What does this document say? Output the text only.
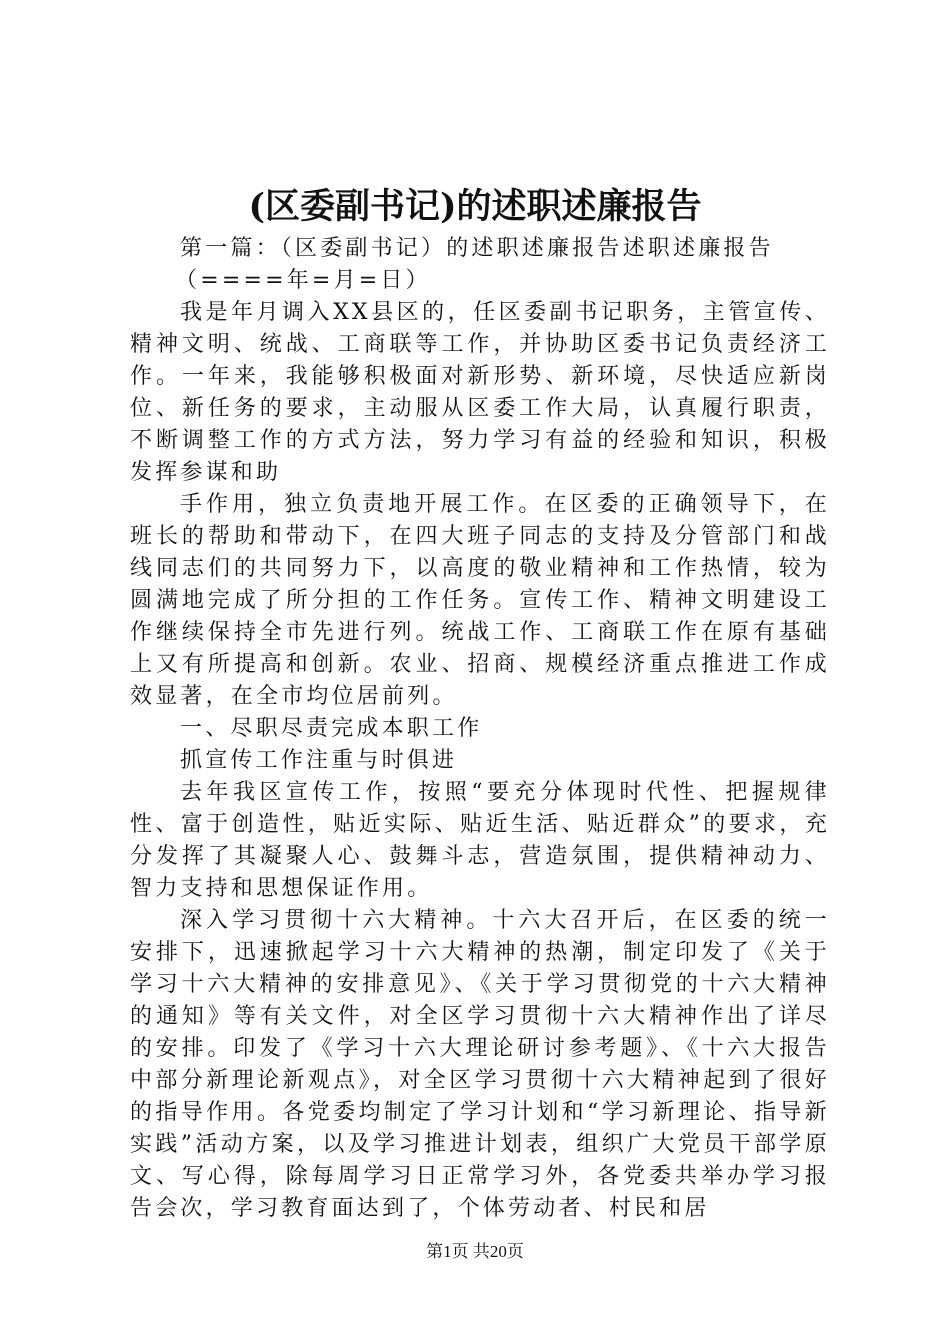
(区委副书记)的述职述廉报告

第一篇：（区委副书记）的述职述廉报告述职述廉报告

（====年=月=日）

我是年月调入XX县区的，任区委副书记职务，主管宣传、精神文明、统战、工商联等工作，并协助区委书记负责经济工作。一年来，我能够积极面对新形势、新环境，尽快适应新岗位、新任务的要求，主动服从区委工作大局，认真履行职责，不断调整工作的方式方法，努力学习有益的经验和知识，积极发挥参谋和助

手作用，独立负责地开展工作。在区委的正确领导下，在班长的帮助和带动下，在四大班子同志的支持及分管部门和战线同志们的共同努力下，以高度的敬业精神和工作热情，较为圆满地完成了所分担的工作任务。宣传工作、精神文明建设工作继续保持全市先进行列。统战工作、工商联工作在原有基础上又有所提高和创新。农业、招商、规模经济重点推进工作成效显著，在全市均位居前列。

一、尽职尽责完成本职工作

抓宣传工作注重与时俱进

去年我区宣传工作，按照“要充分体现时代性、把握规律性、富于创造性，贴近实际、贴近生活、贴近群众”的要求，充分发挥了其凝聚人心、鼓舞斗志，营造氛围，提供精神动力、智力支持和思想保证作用。

深入学习贯彻十六大精神。十六大召开后，在区委的统一安排下，迅速掀起学习十六大精神的热潮，制定印发了《关于学习十六大精神的安排意见》、《关于学习贯彻党的十六大精神的通知》等有关文件，对全区学习贯彻十六大精神作出了详尽的安排。印发了《学习十六大理论研讨参考题》、《十六大报告中部分新理论新观点》，对全区学习贯彻十六大精神起到了很好的指导作用。各党委均制定了学习计划和“学习新理论、指导新实践”活动方案，以及学习推进计划表，组织广大党员干部学原文、写心得，除每周学习日正常学习外，各党委共举办学习报告会次，学习教育面达到了，个体劳动者、村民和居

第1页 共20页
